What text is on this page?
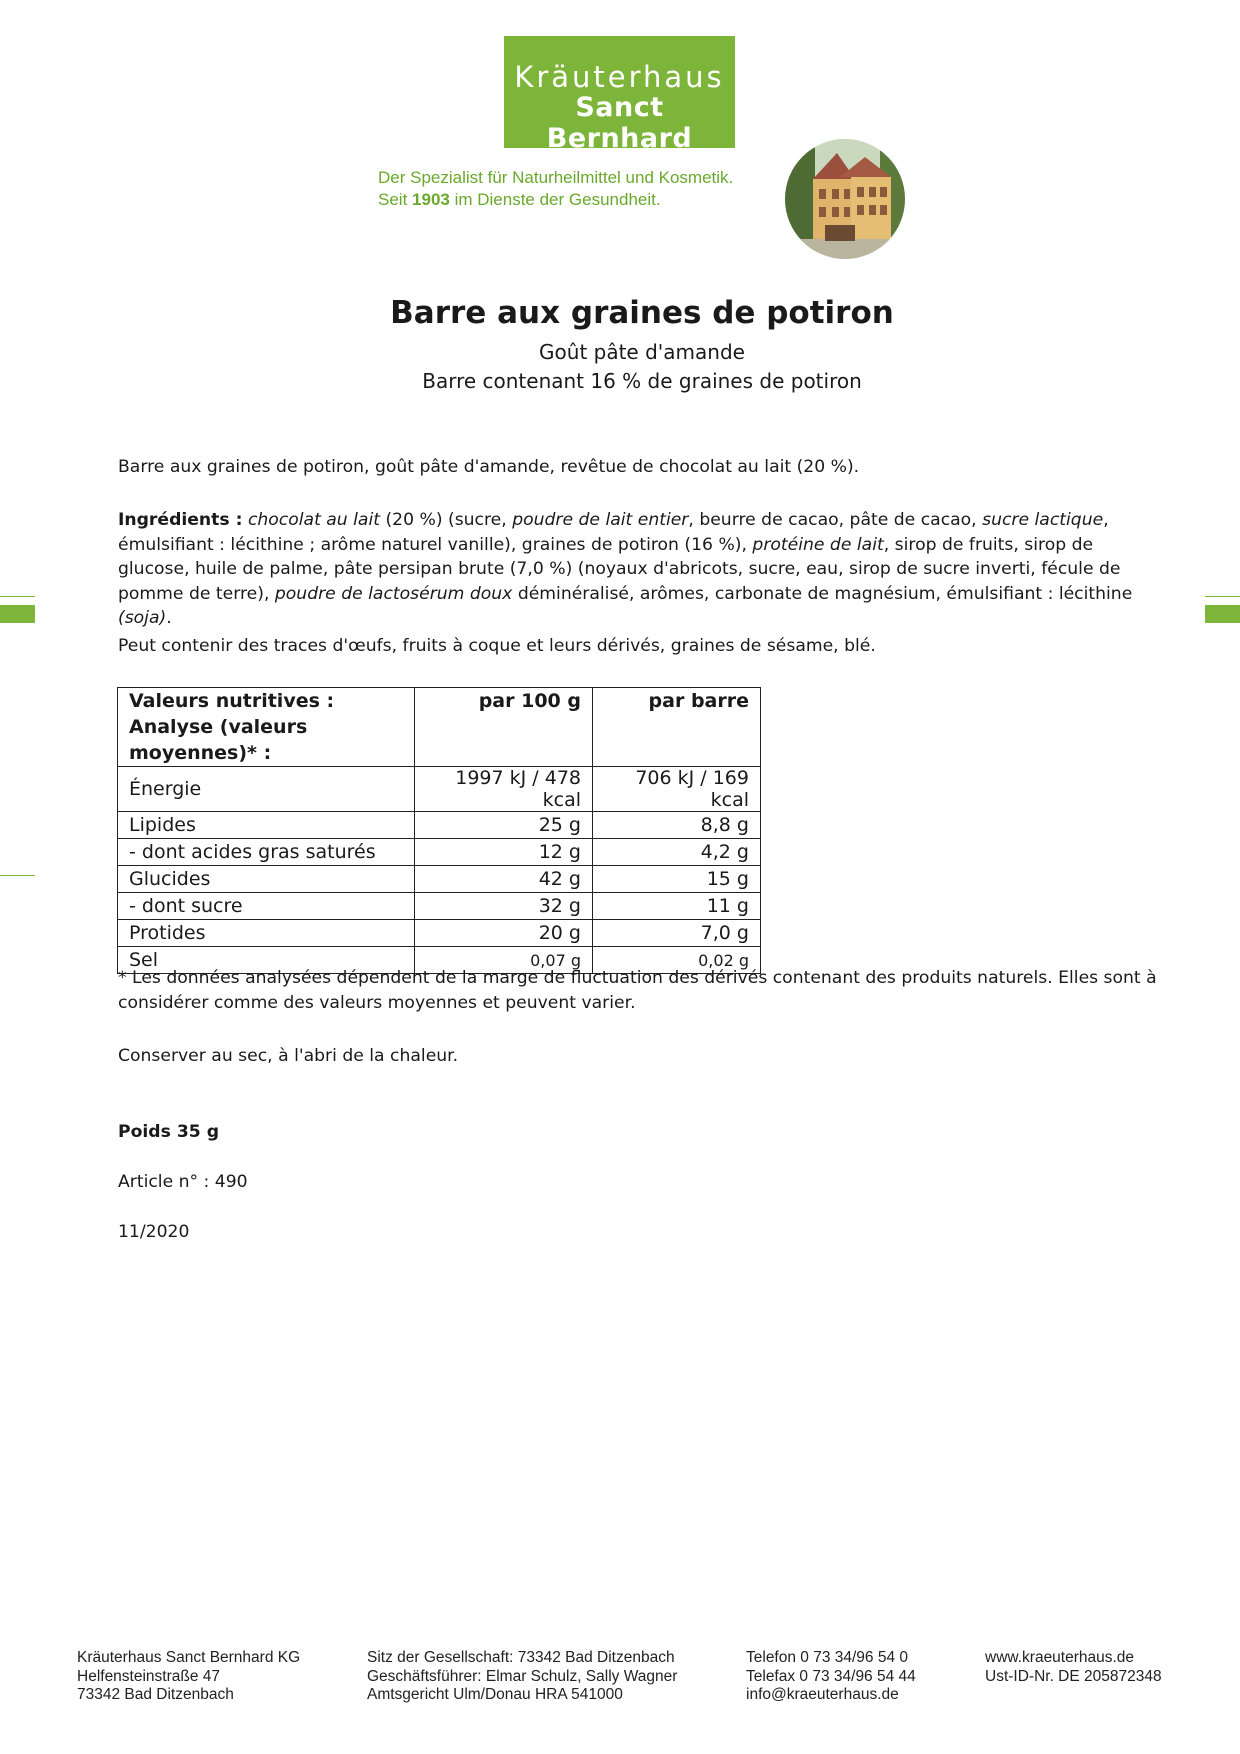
Kräuterhaus
Sanct Bernhard
Der Spezialist für Naturheilmittel und Kosmetik.
Seit 1903 im Dienste der Gesundheit.
Barre aux graines de potiron
Goût pâte d'amande
Barre contenant 16 % de graines de potiron
Barre aux graines de potiron, goût pâte d'amande, revêtue de chocolat au lait (20 %).
Ingrédients : chocolat au lait (20 %) (sucre, poudre de lait entier, beurre de cacao, pâte de cacao, sucre lactique, émulsifiant : lécithine ; arôme naturel vanille), graines de potiron (16 %), protéine de lait, sirop de fruits, sirop de glucose, huile de palme, pâte persipan brute (7,0 %) (noyaux d'abricots, sucre, eau, sirop de sucre inverti, fécule de pomme de terre), poudre de lactosérum doux déminéralisé, arômes, carbonate de magnésium, émulsifiant : lécithine (soja).
Peut contenir des traces d'œufs, fruits à coque et leurs dérivés, graines de sésame, blé.
Valeurs nutritives :
Analyse (valeurs moyennes)* :	par 100 g	par barre
Énergie	1997 kJ / 478 kcal	706 kJ / 169 kcal
Lipides	25 g	8,8 g
- dont acides gras saturés	12 g	4,2 g
Glucides	42 g	15 g
- dont sucre	32 g	11 g
Protides	20 g	7,0 g
Sel	0,07 g	0,02 g
* Les données analysées dépendent de la marge de fluctuation des dérivés contenant des produits naturels. Elles sont à considérer comme des valeurs moyennes et peuvent varier.
Conserver au sec, à l'abri de la chaleur.
Poids 35 g
Article n° : 490
11/2020
Kräuterhaus Sanct Bernhard KG
Helfensteinstraße 47
73342 Bad Ditzenbach
Sitz der Gesellschaft: 73342 Bad Ditzenbach
Geschäftsführer: Elmar Schulz, Sally Wagner
Amtsgericht Ulm/Donau HRA 541000
Telefon 0 73 34/96 54 0
Telefax 0 73 34/96 54 44
info@kraeuterhaus.de
www.kraeuterhaus.de
Ust-ID-Nr. DE 205872348
